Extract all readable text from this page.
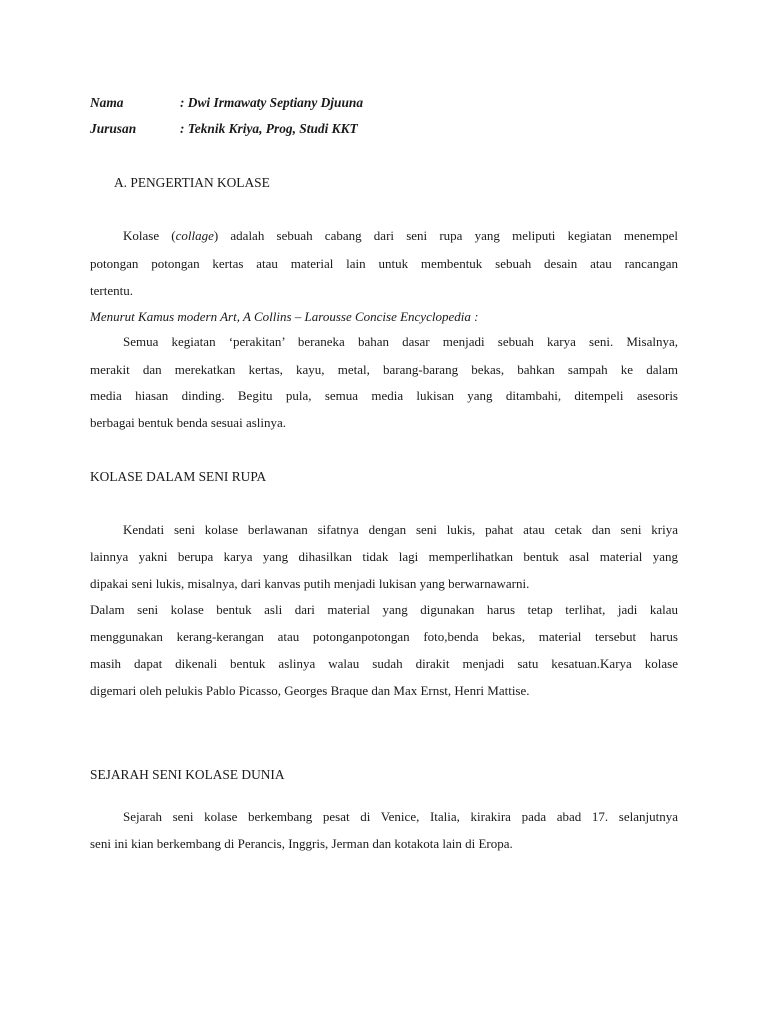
Nama	: Dwi Irmawaty Septiany Djuuna
Jurusan	: Teknik Kriya, Prog, Studi KKT
A. PENGERTIAN KOLASE
Kolase (collage) adalah sebuah cabang dari seni rupa yang meliputi kegiatan menempel
potongan potongan kertas atau material lain untuk membentuk sebuah desain atau rancangan
tertentu.
Menurut Kamus modern Art, A Collins – Larousse Concise Encyclopedia :
Semua kegiatan ‘perakitan’ beraneka bahan dasar menjadi sebuah karya seni. Misalnya,
merakit dan merekatkan kertas, kayu, metal, barang-barang bekas, bahkan sampah ke dalam
media hiasan dinding. Begitu pula, semua media lukisan yang ditambahi, ditempeli asesoris
berbagai bentuk benda sesuai aslinya.
KOLASE DALAM SENI RUPA
Kendati seni kolase berlawanan sifatnya dengan seni lukis, pahat atau cetak dan seni kriya
lainnya yakni berupa karya yang dihasilkan tidak lagi memperlihatkan bentuk asal material yang
dipakai seni lukis, misalnya, dari kanvas putih menjadi lukisan yang berwarnawarni.
Dalam seni kolase bentuk asli dari material yang digunakan harus tetap terlihat, jadi kalau
menggunakan kerang-kerangan atau potonganpotongan foto,benda bekas, material tersebut harus
masih dapat dikenali bentuk aslinya walau sudah dirakit menjadi satu kesatuan.Karya kolase
digemari oleh pelukis Pablo Picasso, Georges Braque dan Max Ernst, Henri Mattise.
SEJARAH SENI KOLASE DUNIA
Sejarah seni kolase berkembang pesat di Venice, Italia, kirakira pada abad 17. selanjutnya
seni ini kian berkembang di Perancis, Inggris, Jerman dan kotakota lain di Eropa.
